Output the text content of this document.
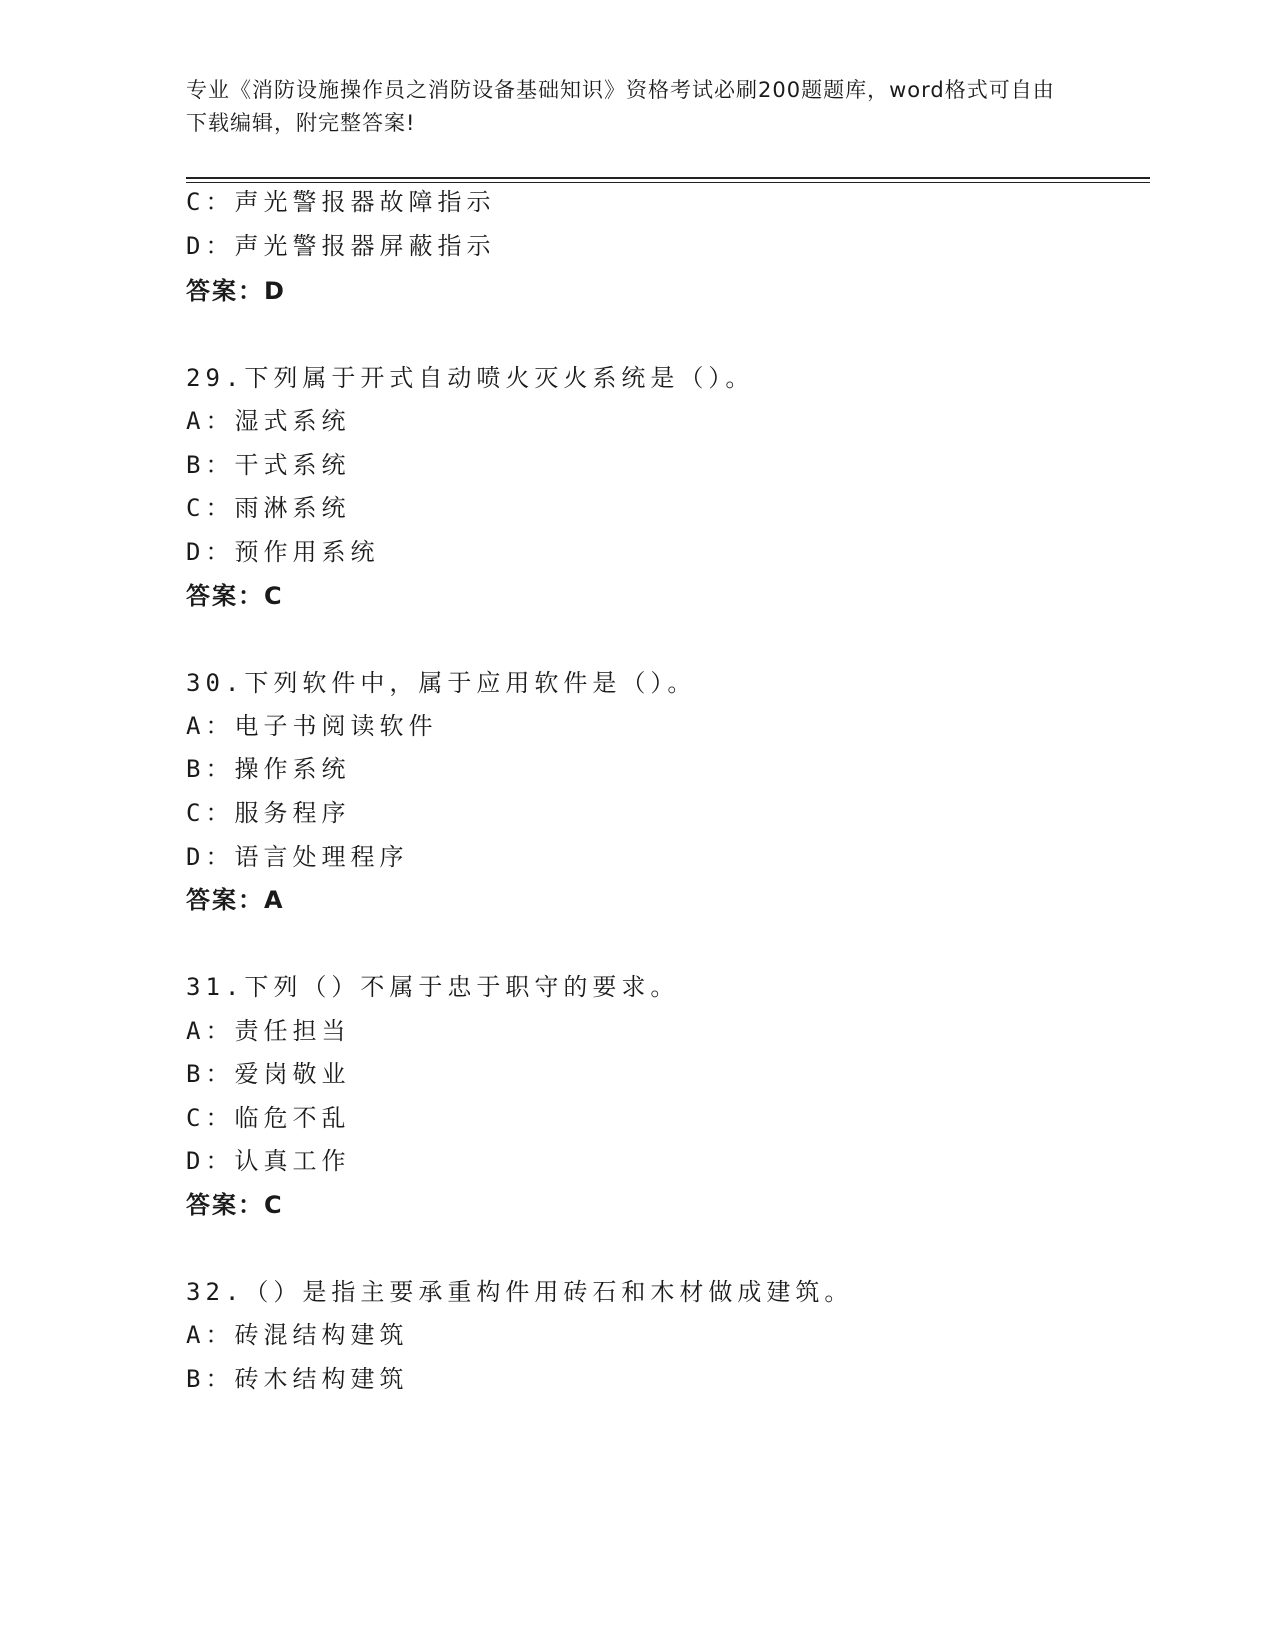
专业《消防设施操作员之消防设备基础知识》资格考试必刷200题题库，word格式可自由下载编辑，附完整答案!
C：声光警报器故障指示
D：声光警报器屏蔽指示
答案：D
29.下列属于开式自动喷火灭火系统是（）。
A：湿式系统
B：干式系统
C：雨淋系统
D：预作用系统
答案：C
30.下列软件中，属于应用软件是（）。
A：电子书阅读软件
B：操作系统
C：服务程序
D：语言处理程序
答案：A
31.下列（）不属于忠于职守的要求。
A：责任担当
B：爱岗敬业
C：临危不乱
D：认真工作
答案：C
32.（）是指主要承重构件用砖石和木材做成建筑。
A：砖混结构建筑
B：砖木结构建筑
